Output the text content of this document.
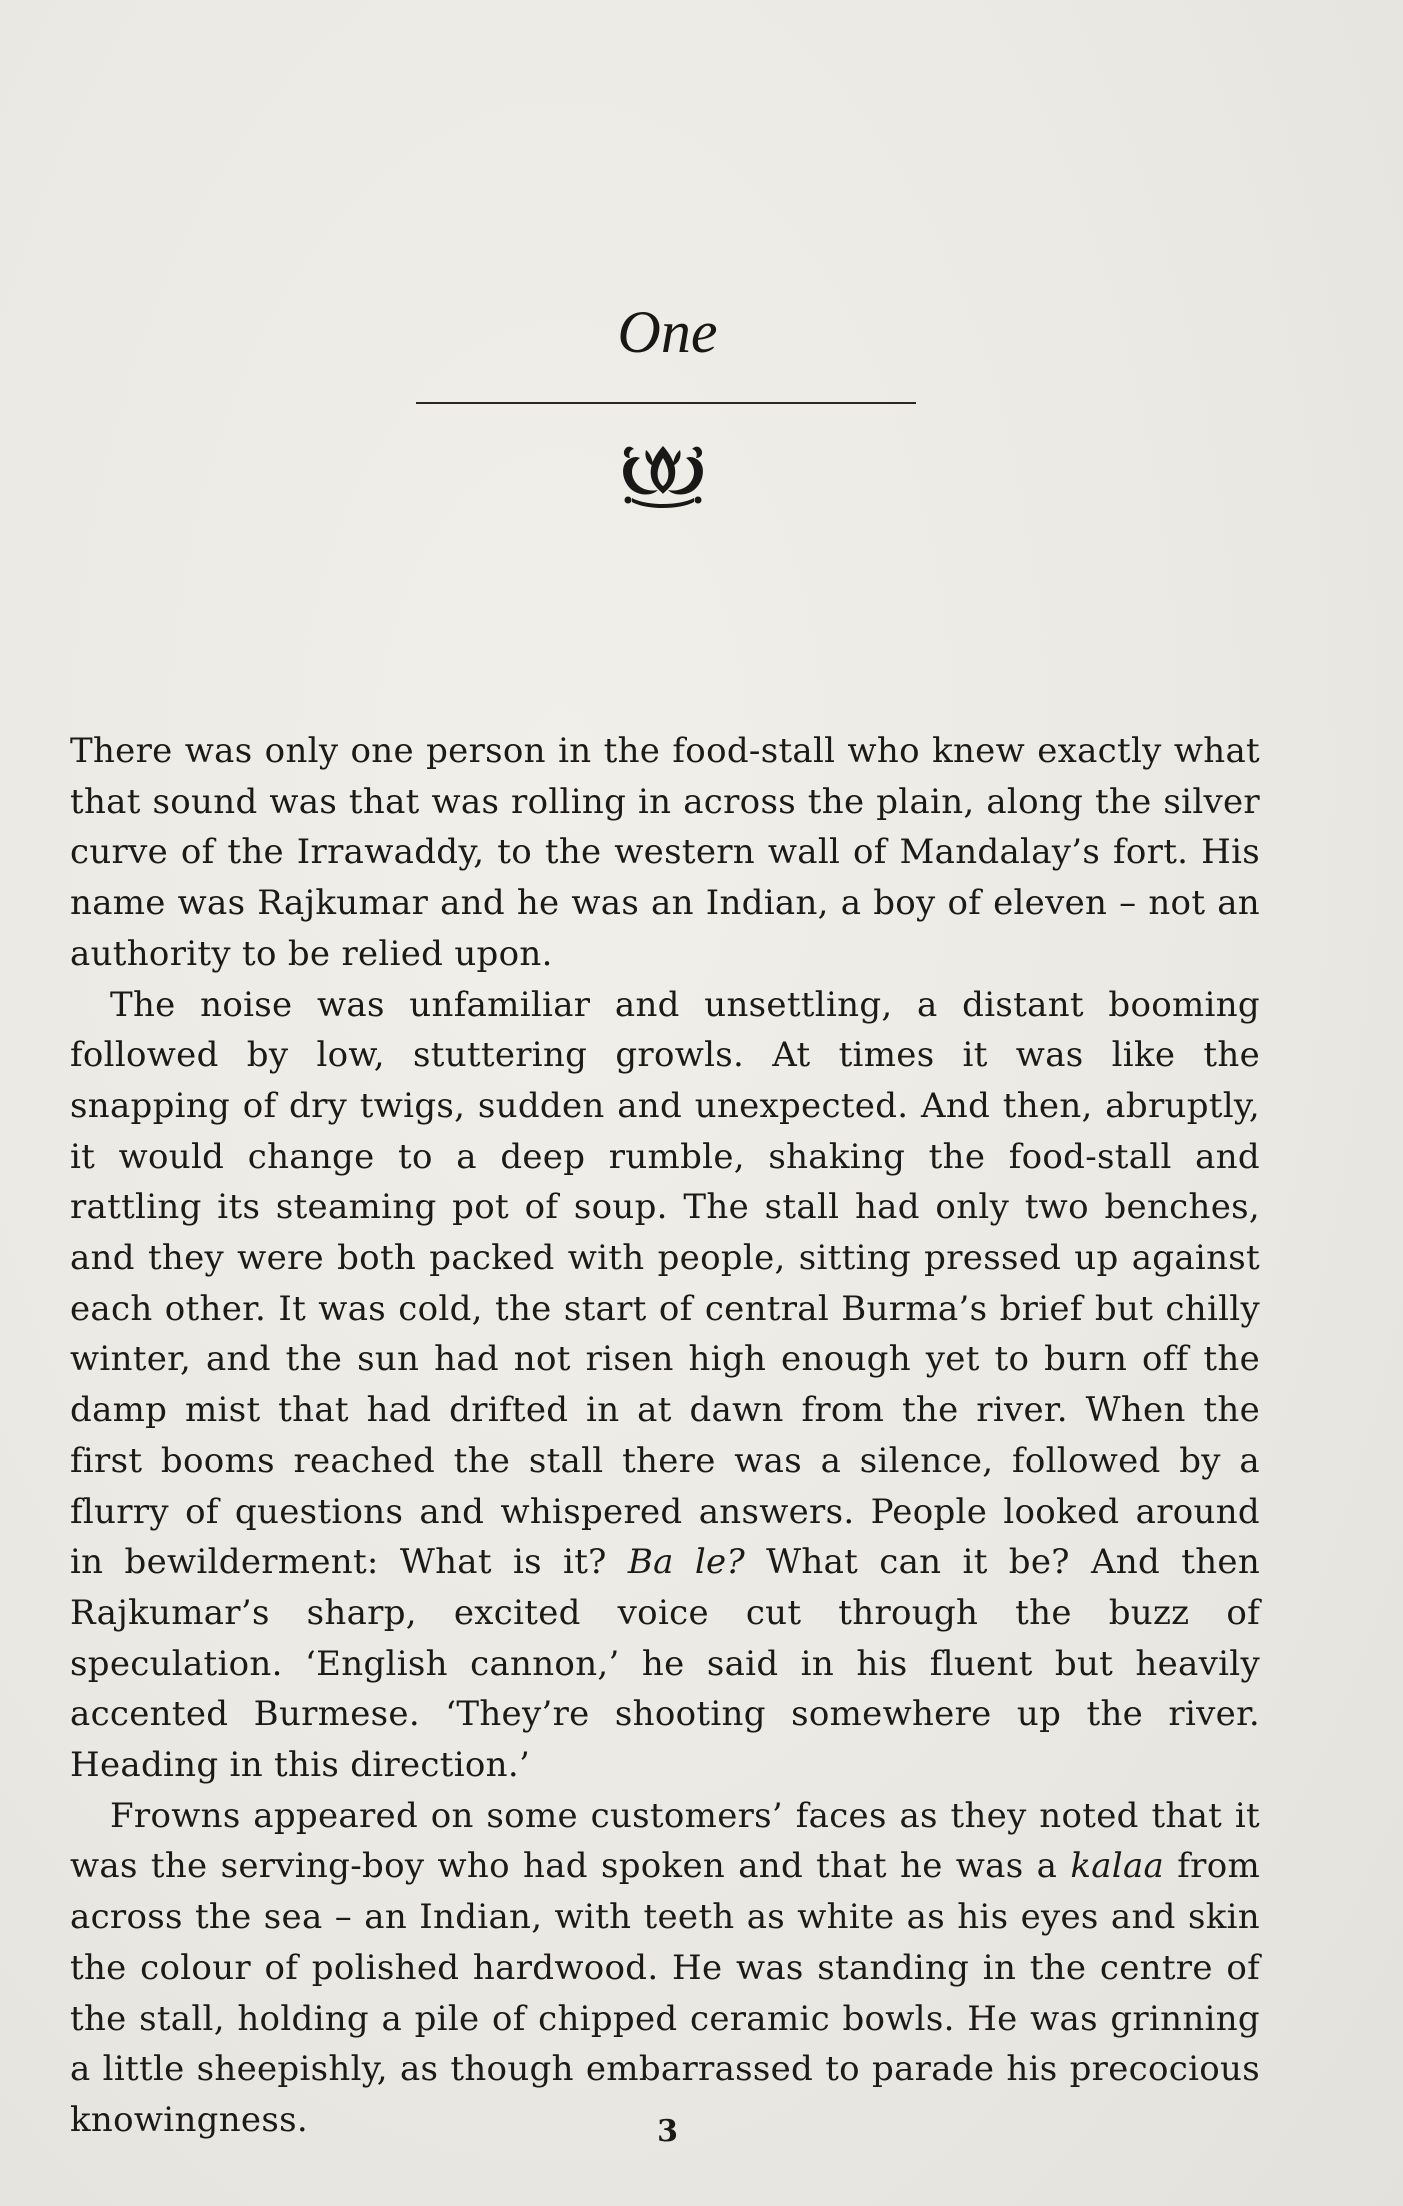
One

There was only one person in the food-stall who knew exactly what that sound was that was rolling in across the plain, along the silver curve of the Irrawaddy, to the western wall of Mandalay’s fort. His name was Rajkumar and he was an Indian, a boy of eleven – not an authority to be relied upon.

The noise was unfamiliar and unsettling, a distant booming followed by low, stuttering growls. At times it was like the snapping of dry twigs, sudden and unexpected. And then, abruptly, it would change to a deep rumble, shaking the food-stall and rattling its steaming pot of soup. The stall had only two benches, and they were both packed with people, sitting pressed up against each other. It was cold, the start of central Burma’s brief but chilly winter, and the sun had not risen high enough yet to burn off the damp mist that had drifted in at dawn from the river. When the first booms reached the stall there was a silence, followed by a flurry of questions and whispered answers. People looked around in bewilderment: What is it? Ba le? What can it be? And then Rajkumar’s sharp, excited voice cut through the buzz of speculation. ‘English cannon,’ he said in his fluent but heavily accented Burmese. ‘They’re shooting somewhere up the river. Heading in this direction.’

Frowns appeared on some customers’ faces as they noted that it was the serving-boy who had spoken and that he was a kalaa from across the sea – an Indian, with teeth as white as his eyes and skin the colour of polished hardwood. He was standing in the centre of the stall, holding a pile of chipped ceramic bowls. He was grinning a little sheepishly, as though embarrassed to parade his precocious knowingness.	3
